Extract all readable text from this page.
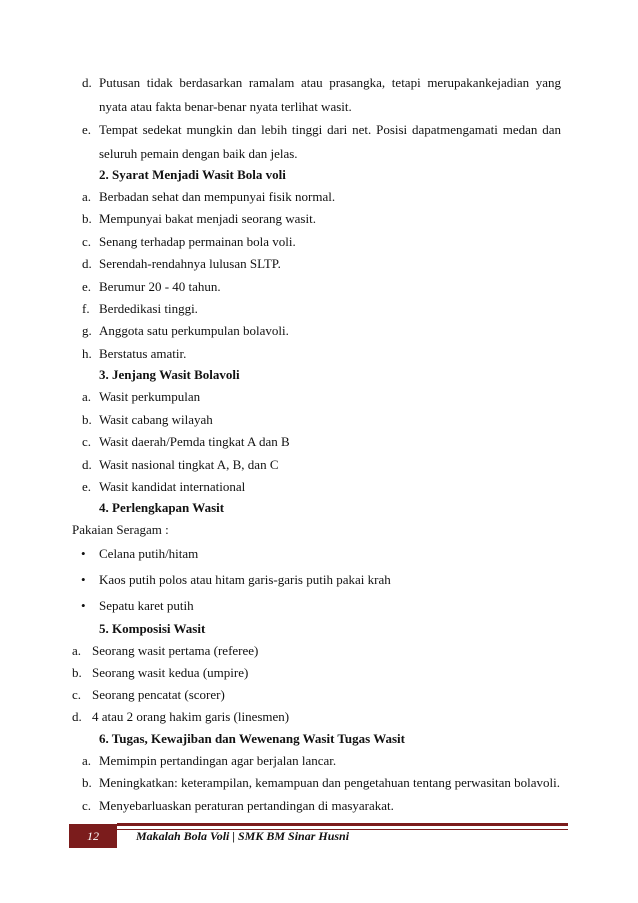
d. Putusan tidak berdasarkan ramalam atau prasangka, tetapi merupakankejadian yang
nyata atau fakta benar-benar nyata terlihat wasit.
e. Tempat sedekat mungkin dan lebih tinggi dari net. Posisi dapatmengamati medan dan
seluruh pemain dengan baik dan jelas.
2. Syarat Menjadi Wasit Bola voli
a. Berbadan sehat dan mempunyai fisik normal.
b. Mempunyai bakat menjadi seorang wasit.
c. Senang terhadap permainan bola voli.
d. Serendah-rendahnya lulusan SLTP.
e. Berumur 20 - 40 tahun.
f. Berdedikasi tinggi.
g. Anggota satu perkumpulan bolavoli.
h. Berstatus amatir.
3. Jenjang Wasit Bolavoli
a. Wasit perkumpulan
b. Wasit cabang wilayah
c. Wasit daerah/Pemda tingkat A dan B
d. Wasit nasional tingkat A, B, dan C
e. Wasit kandidat international
4. Perlengkapan Wasit
Pakaian Seragam :
• Celana putih/hitam
• Kaos putih polos atau hitam garis-garis putih pakai krah
• Sepatu karet putih
5. Komposisi Wasit
a. Seorang wasit pertama (referee)
b. Seorang wasit kedua (umpire)
c. Seorang pencatat (scorer)
d. 4 atau 2 orang hakim garis (linesmen)
6. Tugas, Kewajiban dan Wewenang Wasit Tugas Wasit
a. Memimpin pertandingan agar berjalan lancar.
b. Meningkatkan: keterampilan, kemampuan dan pengetahuan tentang perwasitan bolavoli.
c. Menyebarluaskan peraturan pertandingan di masyarakat.
12	Makalah Bola Voli | SMK BM Sinar Husni
